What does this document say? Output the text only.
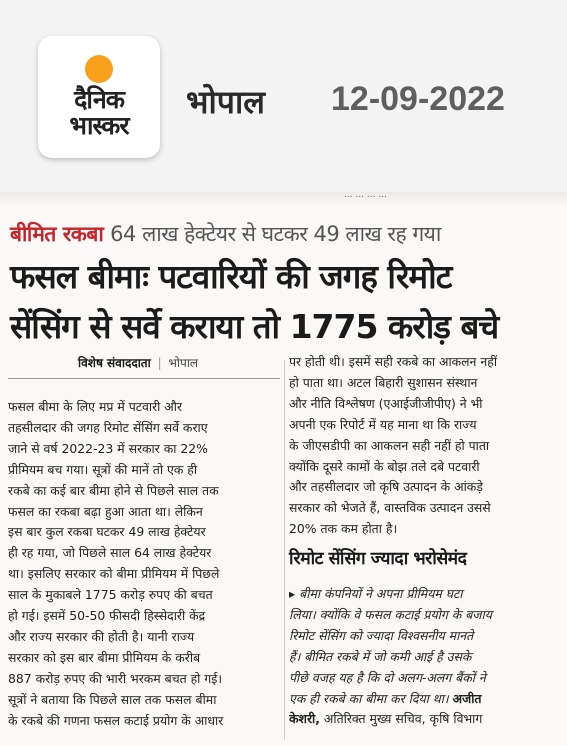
दैनिक
भास्कर
भोपाल 12-09-2022
... ... ... ...
बीमित रकबा 64 लाख हेक्टेयर से घटकर 49 लाख रह गया
फसल बीमाः पटवारियों की जगह रिमोट
सेंसिंग से सर्वे कराया तो 1775 करोड़ बचे
विशेष संवाददाता | भोपाल
फसल बीमा के लिए मप्र में पटवारी और
तहसीलदार की जगह रिमोट सेंसिंग सर्वे कराए
जाने से वर्ष 2022-23 में सरकार का 22%
प्रीमियम बच गया। सूत्रों की मानें तो एक ही
रकबे का कई बार बीमा होने से पिछले साल तक
फसल का रकबा बढ़ा हुआ आता था। लेकिन
इस बार कुल रकबा घटकर 49 लाख हेक्टेयर
ही रह गया, जो पिछले साल 64 लाख हेक्टेयर
था। इसलिए सरकार को बीमा प्रीमियम में पिछले
साल के मुकाबले 1775 करोड़ रुपए की बचत
हो गई। इसमें 50-50 फीसदी हिस्सेदारी केंद्र
और राज्य सरकार की होती है। यानी राज्य
सरकार को इस बार बीमा प्रीमियम के करीब
887 करोड़ रुपए की भारी भरकम बचत हो गई।
सूत्रों ने बताया कि पिछले साल तक फसल बीमा
के रकबे की गणना फसल कटाई प्रयोग के आधार
पर होती थी। इसमें सही रकबे का आकलन नहीं
हो पाता था। अटल बिहारी सुशासन संस्थान
और नीति विश्लेषण (एआईजीजीपीए) ने भी
अपनी एक रिपोर्ट में यह माना था कि राज्य
के जीएसडीपी का आकलन सही नहीं हो पाता
क्योंकि दूसरे कामों के बोझ तले दबे पटवारी
और तहसीलदार जो कृषि उत्पादन के आंकड़े
सरकार को भेजते हैं, वास्तविक उत्पादन उससे
20% तक कम होता है।
रिमोट सेंसिंग ज्यादा भरोसेमंद
▸ बीमा कंपनियों ने अपना प्रीमियम घटा
लिया। क्योंकि वे फसल कटाई प्रयोग के बजाय
रिमोट सेंसिंग को ज्यादा विश्वसनीय मानते
हैं। बीमित रकबे में जो कमी आई है उसके
पीछे वजह यह है कि दो अलग-अलग बैंकों ने
एक ही रकबे का बीमा कर दिया था। अजीत
केशरी, अतिरिक्त मुख्य सचिव, कृषि विभाग
